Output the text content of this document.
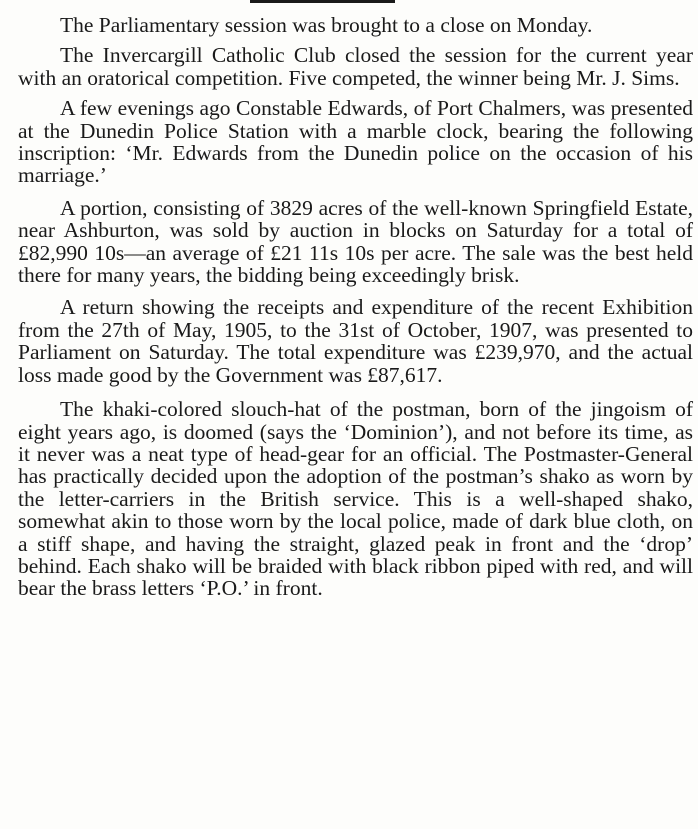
The Parliamentary session was brought to a close on Monday.

The Invercargill Catholic Club closed the session for the current year with an oratorical competition. Five competed, the winner being Mr. J. Sims.

A few evenings ago Constable Edwards, of Port Chalmers, was presented at the Dunedin Police Station with a marble clock, bearing the following inscription: ‘Mr. Edwards from the Dunedin police on the occasion of his marriage.’

A portion, consisting of 3829 acres of the well-known Springfield Estate, near Ashburton, was sold by auction in blocks on Saturday for a total of £82,990 10s—an average of £21 11s 10s per acre. The sale was the best held there for many years, the bidding being exceedingly brisk.

A return showing the receipts and expenditure of the recent Exhibition from the 27th of May, 1905, to the 31st of October, 1907, was presented to Parliament on Saturday. The total expenditure was £239,970, and the actual loss made good by the Government was £87,617.

The khaki-colored slouch-hat of the postman, born of the jingoism of eight years ago, is doomed (says the ‘Dominion’), and not before its time, as it never was a neat type of head-gear for an official. The Postmaster-General has practically decided upon the adoption of the postman’s shako as worn by the letter-carriers in the British service. This is a well-shaped shako, somewhat akin to those worn by the local police, made of dark blue cloth, on a stiff shape, and having the straight, glazed peak in front and the ‘drop’ behind. Each shako will be braided with black ribbon piped with red, and will bear the brass letters ‘P.O.’ in front.
